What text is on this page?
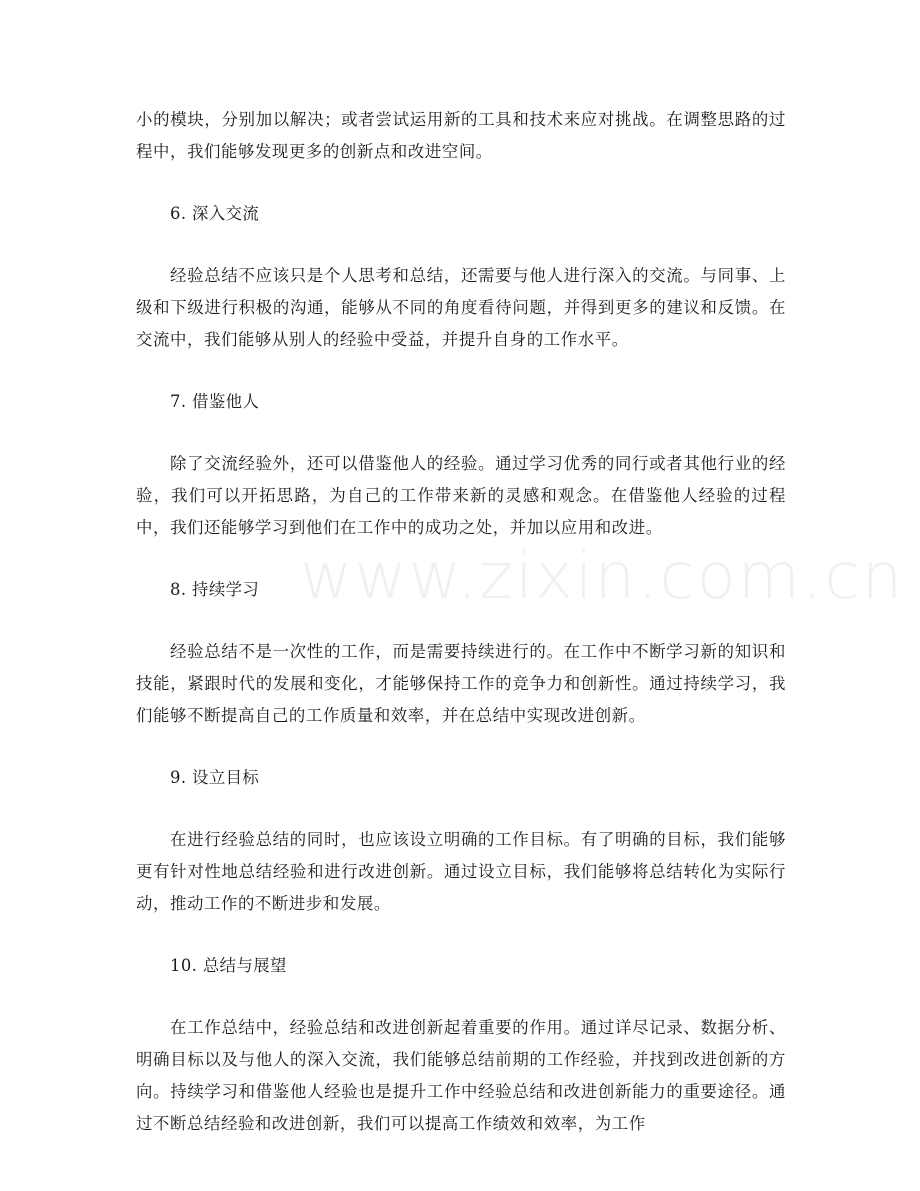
www.zixin.com.cn

小的模块，分别加以解决；或者尝试运用新的工具和技术来应对挑战。在调整思路的过程中，我们能够发现更多的创新点和改进空间。

6. 深入交流

经验总结不应该只是个人思考和总结，还需要与他人进行深入的交流。与同事、上级和下级进行积极的沟通，能够从不同的角度看待问题，并得到更多的建议和反馈。在交流中，我们能够从别人的经验中受益，并提升自身的工作水平。

7. 借鉴他人

除了交流经验外，还可以借鉴他人的经验。通过学习优秀的同行或者其他行业的经验，我们可以开拓思路，为自己的工作带来新的灵感和观念。在借鉴他人经验的过程中，我们还能够学习到他们在工作中的成功之处，并加以应用和改进。

8. 持续学习

经验总结不是一次性的工作，而是需要持续进行的。在工作中不断学习新的知识和技能，紧跟时代的发展和变化，才能够保持工作的竞争力和创新性。通过持续学习，我们能够不断提高自己的工作质量和效率，并在总结中实现改进创新。

9. 设立目标

在进行经验总结的同时，也应该设立明确的工作目标。有了明确的目标，我们能够更有针对性地总结经验和进行改进创新。通过设立目标，我们能够将总结转化为实际行动，推动工作的不断进步和发展。

10. 总结与展望

在工作总结中，经验总结和改进创新起着重要的作用。通过详尽记录、数据分析、明确目标以及与他人的深入交流，我们能够总结前期的工作经验，并找到改进创新的方向。持续学习和借鉴他人经验也是提升工作中经验总结和改进创新能力的重要途径。通过不断总结经验和改进创新，我们可以提高工作绩效和效率，为工作
